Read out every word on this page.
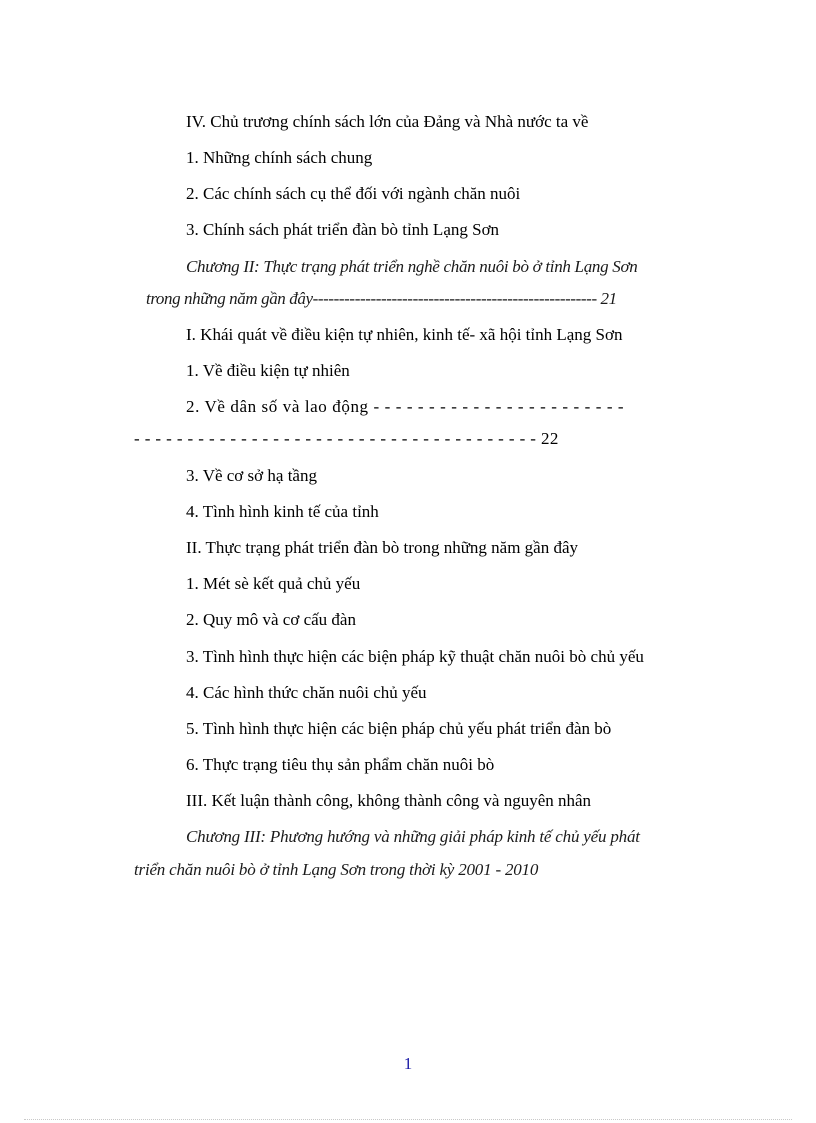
IV. Chủ trương chính sách lớn của Đảng và Nhà nước ta về
1. Những chính sách chung
2. Các chính sách cụ thể đối với ngành chăn nuôi
3. Chính sách phát triển đàn bò tỉnh Lạng Sơn
Chương II: Thực trạng phát triển nghề chăn nuôi bò ở tỉnh Lạng Sơn
trong những năm gần đây------------------------------------------------------ 21
I. Khái quát về điều kiện tự nhiên, kinh tế- xã hội tỉnh Lạng Sơn
1. Về điều kiện tự nhiên
2. Về dân số và lao động - - - - - - - - - - - - - - - - - - - - - - -
- - - - - - - - - - - - - - - - - - - - - - - - - - - - - - - - - - - - - - 22
3. Về cơ sở hạ tầng
4. Tình hình kinh tế của tỉnh
II. Thực trạng phát triển đàn bò trong những năm gần đây
1. Mét sè kết quả chủ yếu
2. Quy mô và cơ cấu đàn
3. Tình hình thực hiện các biện pháp kỹ thuật chăn nuôi bò chủ yếu
4. Các hình thức chăn nuôi chủ yếu
5. Tình hình thực hiện các biện pháp chủ yếu phát triển đàn bò
6. Thực trạng tiêu thụ sản phẩm chăn nuôi bò
III. Kết luận thành công, không thành công và nguyên nhân
Chương III: Phương hướng và những giải pháp kinh tế chủ yếu phát
triển chăn nuôi bò ở tỉnh Lạng Sơn trong thời kỳ 2001 - 2010
1
